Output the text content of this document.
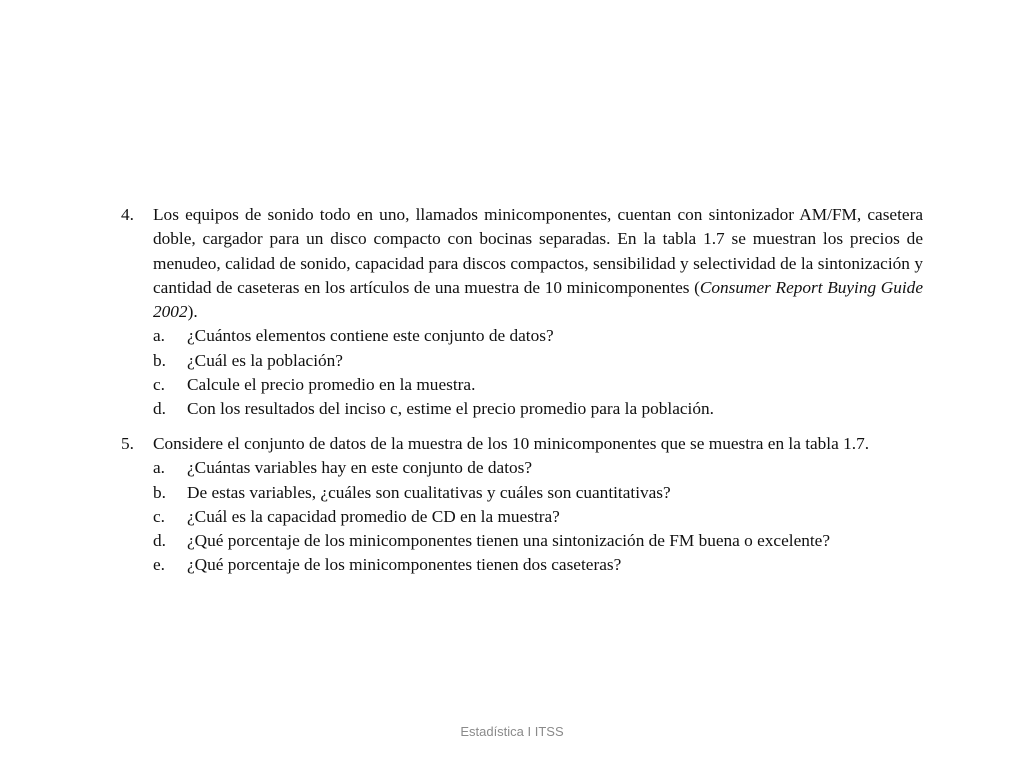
4. Los equipos de sonido todo en uno, llamados minicomponentes, cuentan con sintonizador AM/FM, casetera doble, cargador para un disco compacto con bocinas separadas. En la tabla 1.7 se muestran los precios de menudeo, calidad de sonido, capacidad para discos compactos, sensibilidad y selectividad de la sintonización y cantidad de caseteras en los artículos de una muestra de 10 minicomponentes (Consumer Report Buying Guide 2002).
a. ¿Cuántos elementos contiene este conjunto de datos?
b. ¿Cuál es la población?
c. Calcule el precio promedio en la muestra.
d. Con los resultados del inciso c, estime el precio promedio para la población.
5. Considere el conjunto de datos de la muestra de los 10 minicomponentes que se muestra en la tabla 1.7.
a. ¿Cuántas variables hay en este conjunto de datos?
b. De estas variables, ¿cuáles son cualitativas y cuáles son cuantitativas?
c. ¿Cuál es la capacidad promedio de CD en la muestra?
d. ¿Qué porcentaje de los minicomponentes tienen una sintonización de FM buena o excelente?
e. ¿Qué porcentaje de los minicomponentes tienen dos caseteras?
Estadística I ITSS
